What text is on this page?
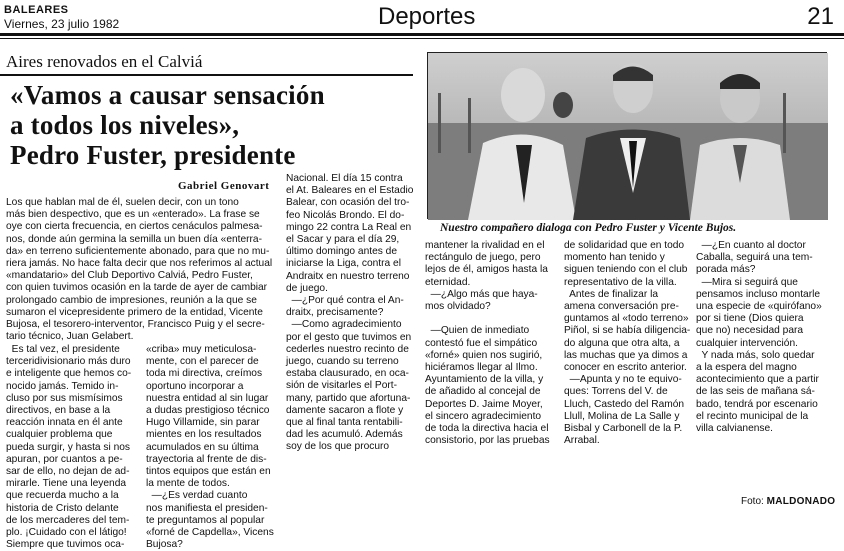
BALEARES
Viernes, 23 julio 1982	Deportes	21
Aires renovados en el Calviá
«Vamos a causar sensación
a todos los niveles»,
Pedro Fuster, presidente
Gabriel Genovart
Los que hablan mal de él, suelen decir, con un tono
más bien despectivo, que es un «enterado». La frase se
oye con cierta frecuencia, en ciertos cenáculos palmesa-
nos, donde aún germina la semilla un buen día «enterra-
da» en terreno suficientemente abonado, para que no mu-
riera jamás. No hace falta decir que nos referimos al actual
«mandatario» del Club Deportivo Calviá, Pedro Fuster,
con quien tuvimos ocasión en la tarde de ayer de cambiar
prolongado cambio de impresiones, reunión a la que se
sumaron el vicepresidente primero de la entidad, Vicente
Bujosa, el tesorero-interventor, Francisco Puig y el secre-
tario técnico, Juan Gelabert.
Es tal vez, el presidente
terceridivisionario más duro
e inteligente que hemos co-
nocido jamás. Temido in-
cluso por sus mismísimos
directivos, en base a la
reacción innata en él ante
cualquier problema que
pueda surgir, y hasta si nos
apuran, por cuantos a pe-
sar de ello, no dejan de ad-
mirarle. Tiene una leyenda
que recuerda mucho a la
historia de Cristo delante
de los mercaderes del tem-
plo. ¡Cuidado con el látigo!
Siempre que tuvimos oca-
«criba» muy meticulosa-
mente, con el parecer de
toda mi directiva, creímos
oportuno incorporar a
nuestra entidad al sin lugar
a dudas prestigioso técnico
Hugo Villamide, sin parar
mientes en los resultados
acumulados en su última
trayectoria al frente de dis-
tintos equipos que están en
la mente de todos.
—¿Es verdad cuanto
nos manifiesta el presiden-
te preguntamos al popular
«forné de Capdella», Vicens
Bujosa?
Nacional. El día 15 contra
el At. Baleares en el Estadio
Balear, con ocasión del tro-
feo Nicolás Brondo. El do-
mingo 22 contra La Real en
el Sacar y para el día 29,
último domingo antes de
iniciarse la Liga, contra el
Andraitx en nuestro terreno
de juego.
—¿Por qué contra el An-
draitx, precisamente?
—Como agradecimiento
por el gesto que tuvimos en
cederles nuestro recinto de
juego, cuando su terreno
estaba clausurado, en oca-
sión de visitarles el Port-
many, partido que afortuna-
damente sacaron a flote y
que al final tanta rentabili-
dad les acumuló. Además
soy de los que procuro
mantener la rivalidad en el
rectángulo de juego, pero
lejos de él, amigos hasta la
eternidad.
—¿Algo más que haya-
mos olvidado?

—Quien de inmediato
contestó fue el simpático
«forné» quien nos sugirió,
hiciéramos llegar al Ilmo.
Ayuntamiento de la villa, y
de añadido al concejal de
Deportes D. Jaime Moyer,
el sincero agradecimiento
de toda la directiva hacia el
consistorio, por las pruebas
de solidaridad que en todo
momento han tenido y
siguen teniendo con el club
representativo de la villa.
Antes de finalizar la
amena conversación pre-
guntamos al «todo terreno»
Piñol, si se había diligencia-
do alguna que otra alta, a
las muchas que ya dimos a
conocer en escrito anterior.
—Apunta y no te equivo-
ques: Torrens del V. de
Lluch, Castedo del Ramón
Llull, Molina de La Salle y
Bisbal y Carbonell de la P.
Arrabal.
—¿En cuanto al doctor
Caballa, seguirá una tem-
porada más?
—Mira si seguirá que
pensamos incluso montarle
una especie de «quirófano»
por si tiene (Dios quiera
que no) necesidad para
cualquier intervención.
Y nada más, solo quedar
a la espera del magno
acontecimiento que a partir
de las seis de mañana sá-
bado, tendrá por escenario
el recinto municipal de la
villa calvianense.
Nuestro compañero dialoga con Pedro Fuster y Vicente Bujos.
Foto: MALDONADO
